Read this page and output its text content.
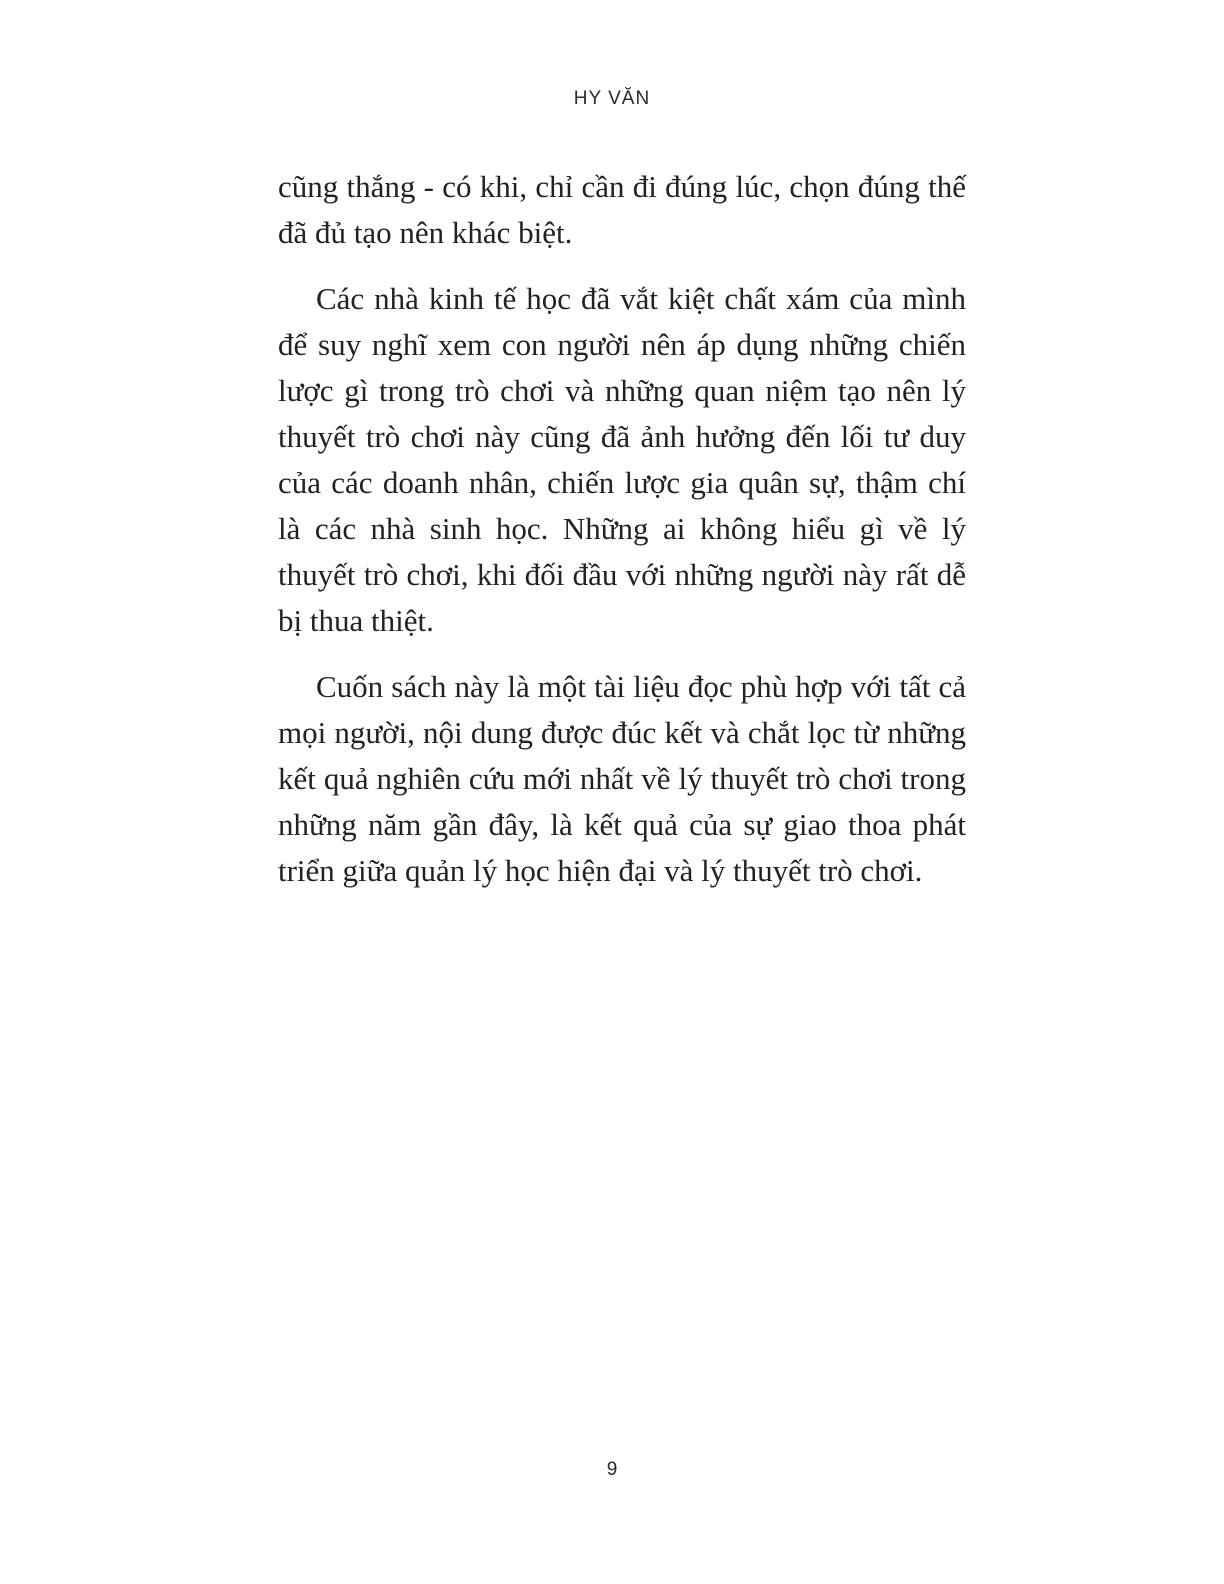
HY VĂN

cũng thắng - có khi, chỉ cần đi đúng lúc, chọn đúng thế đã đủ tạo nên khác biệt.

Các nhà kinh tế học đã vắt kiệt chất xám của mình để suy nghĩ xem con người nên áp dụng những chiến lược gì trong trò chơi và những quan niệm tạo nên lý thuyết trò chơi này cũng đã ảnh hưởng đến lối tư duy của các doanh nhân, chiến lược gia quân sự, thậm chí là các nhà sinh học. Những ai không hiểu gì về lý thuyết trò chơi, khi đối đầu với những người này rất dễ bị thua thiệt.

Cuốn sách này là một tài liệu đọc phù hợp với tất cả mọi người, nội dung được đúc kết và chắt lọc từ những kết quả nghiên cứu mới nhất về lý thuyết trò chơi trong những năm gần đây, là kết quả của sự giao thoa phát triển giữa quản lý học hiện đại và lý thuyết trò chơi.

9
